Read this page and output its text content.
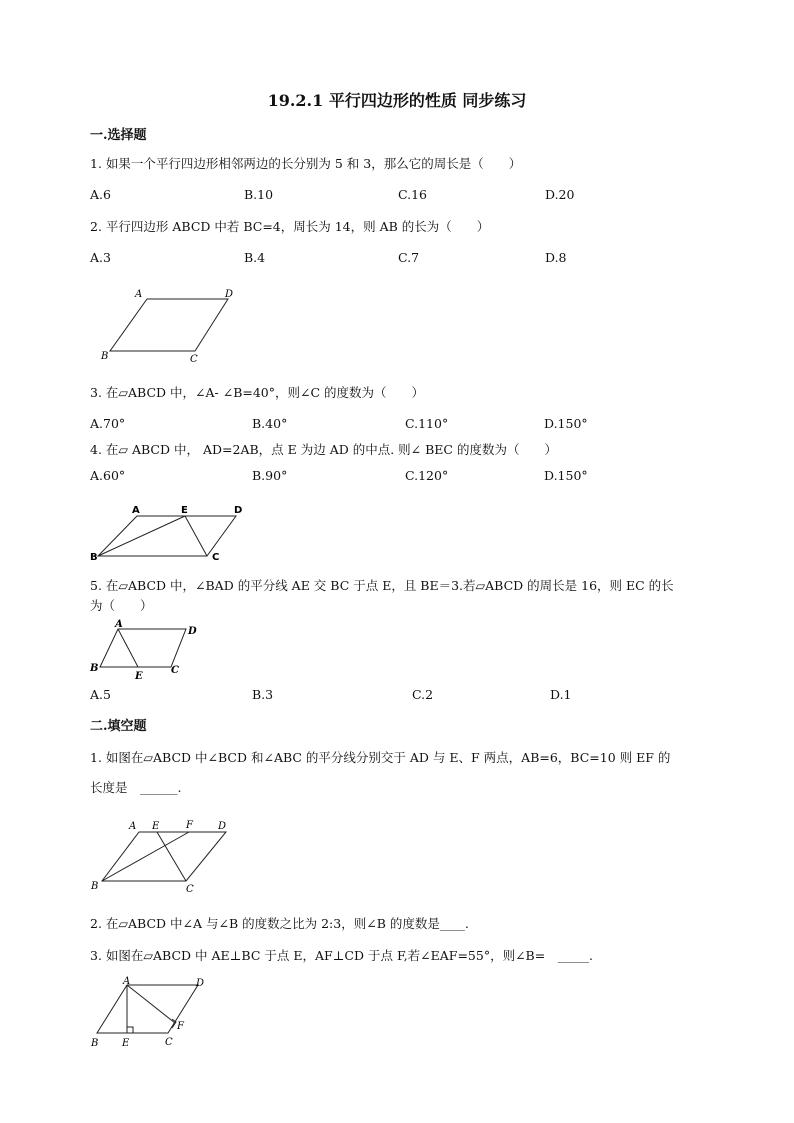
19.2.1 平行四边形的性质 同步练习
一.选择题
1. 如果一个平行四边形相邻两边的长分别为 5 和 3，那么它的周长是（　　）
A.6	B.10	C.16	D.20
2. 平行四边形 ABCD 中若 BC=4，周长为 14，则 AB 的长为（　　）
A.3	B.4	C.7	D.8
A	D
B	C
3. 在▱ABCD 中，∠A- ∠B=40°，则∠C 的度数为（　　）
A.70°	B.40°	C.110°	D.150°
4. 在▱ ABCD 中， AD=2AB，点 E 为边 AD 的中点. 则∠ BEC 的度数为（　　）
A.60°	B.90°	C.120°	D.150°
A	E	D
B	C
5. 在▱ABCD 中，∠BAD 的平分线 AE 交 BC 于点 E，且 BE＝3.若▱ABCD 的周长是 16，则 EC 的长
为（　　）
A
D
B
E
C
A.5	B.3	C.2	D.1
二.填空题
1. 如图在▱ABCD 中∠BCD 和∠ABC 的平分线分别交于 AD 与 E、F 两点，AB=6，BC=10 则 EF 的
长度是　______.
A E	F	D
B	C
2. 在▱ABCD 中∠A 与∠B 的度数之比为 2:3，则∠B 的度数是____.
3. 如图在▱ABCD 中 AE⊥BC 于点 E，AF⊥CD 于点 F,若∠EAF=55°，则∠B=　_____.
A	D
B E	C
F
